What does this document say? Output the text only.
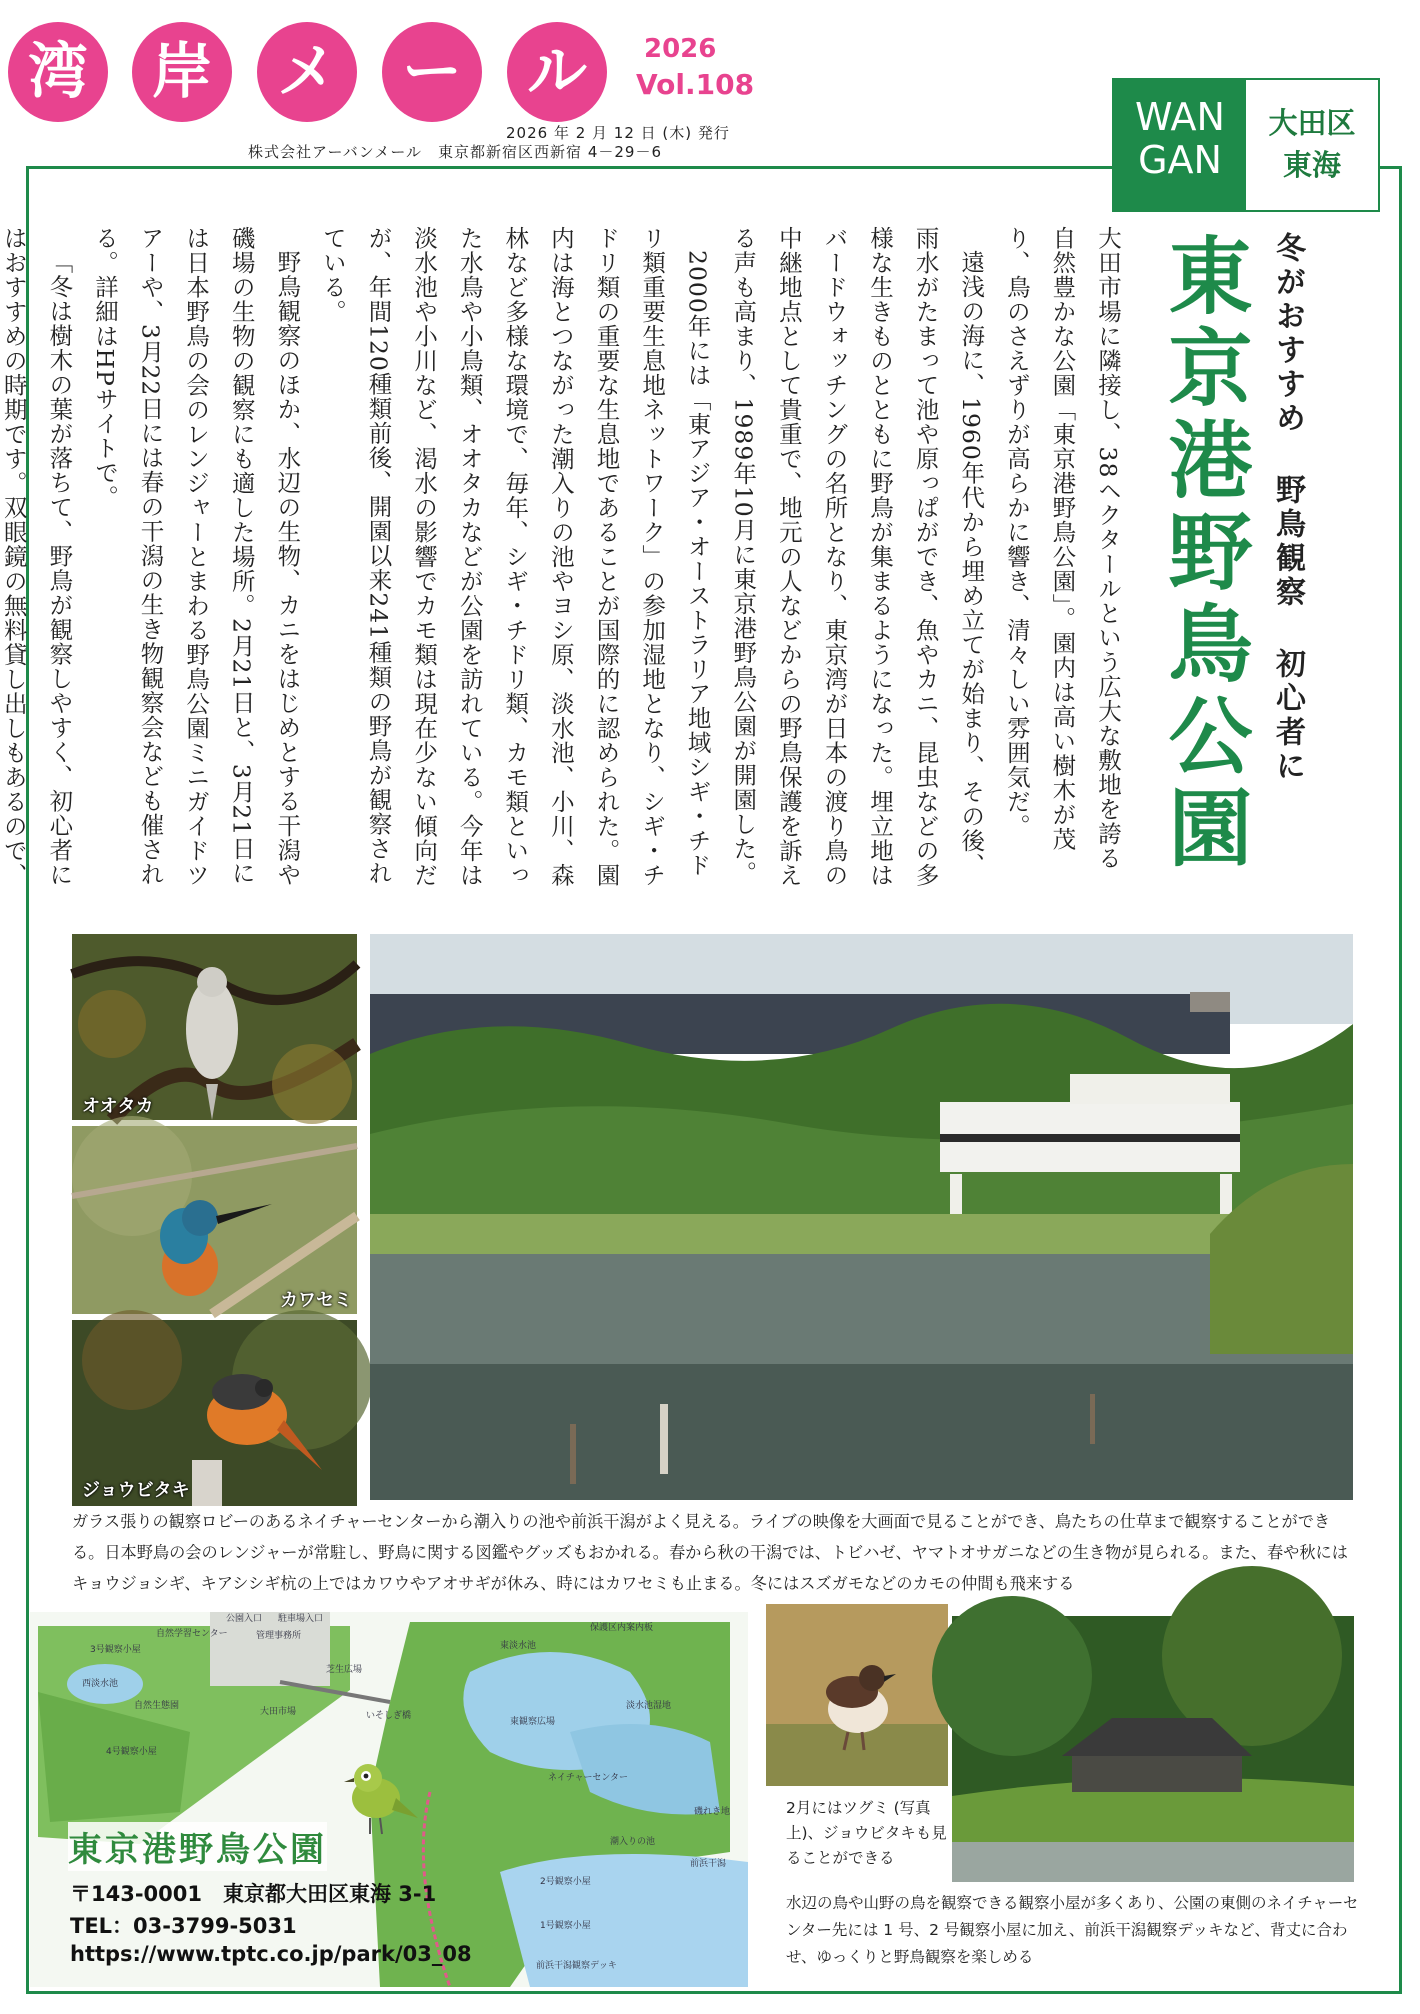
湾	岸	メ	ー	ル	2026
Vol.108
2026 年 2 月 12 日 (木) 発行
株式会社アーバンメール　東京都新宿区西新宿 4－29－6
WAN
GAN
大田区
東海
冬がおすすめ野鳥観察初心者に
東京港野鳥公園

大田市場に隣接し、38ヘクタールという広大な敷地を誇る自然豊かな公園「東京港野鳥公園」。園内は高い樹木が茂り、鳥のさえずりが高らかに響き、清々しい雰囲気だ。

遠浅の海に、1960年代から埋め立てが始まり、その後、雨水がたまって池や原っぱができ、魚やカニ、昆虫などの多様な生きものとともに野鳥が集まるようになった。埋立地はバードウォッチングの名所となり、東京湾が日本の渡り鳥の中継地点として貴重で、地元の人などからの野鳥保護を訴える声も高まり、1989年10月に東京港野鳥公園が開園した。

2000年には「東アジア・オーストラリア地域シギ・チドリ類重要生息地ネットワーク」の参加湿地となり、シギ・チドリ類の重要な生息地であることが国際的に認められた。園内は海とつながった潮入りの池やヨシ原、淡水池、小川、森林など多様な環境で、毎年、シギ・チドリ類、カモ類といった水鳥や小鳥類、オオタカなどが公園を訪れている。今年は淡水池や小川など、渇水の影響でカモ類は現在少ない傾向だが、年間120種類前後、開園以来241種類の野鳥が観察されている。

野鳥観察のほか、水辺の生物、カニをはじめとする干潟や磯場の生物の観察にも適した場所。2月21日と、3月21日には日本野鳥の会のレンジャーとまわる野鳥公園ミニガイドツアーや、3月22日には春の干潟の生き物観察会なども催される。詳細はHPサイトで。

「冬は樹木の葉が落ちて、野鳥が観察しやすく、初心者にはおすすめの時期です。双眼鏡の無料貸し出しもあるので、

オオタカ
カワセミ
ジョウビタキ
ガラス張りの観察ロビーのあるネイチャーセンターから潮入りの池や前浜干潟がよく見える。ライブの映像を大画面で見ることができ、鳥たちの仕草まで観察することができる。日本野鳥の会のレンジャーが常駐し、野鳥に関する図鑑やグッズもおかれる。春から秋の干潟では、トビハゼ、ヤマトオサガニなどの生き物が見られる。また、春や秋にはキョウジョシギ、キアシシギ杭の上ではカワウやアオサギが休み、時にはカワセミも止まる。冬にはスズガモなどのカモの仲間も飛来する
公園入口 駐車場入口
管理事務所
自然学習センター
3号観察小屋
西淡水池
自然生態園
4号観察小屋
芝生広場
大田市場	いそしぎ橋
保護区内案内板
東淡水池
東観察広場
淡水池湿地
ネイチャーセンター
潮入りの池
2号観察小屋
1号観察小屋
前浜干潟観察デッキ
前浜干潟
磯れき地
東京港野鳥公園
〒143-0001　東京都大田区東海 3-1
TEL：03-3799-5031
https://www.tptc.co.jp/park/03_08
2月にはツグミ (写真上)、ジョウビタキも見ることができる
水辺の鳥や山野の鳥を観察できる観察小屋が多くあり、公園の東側のネイチャーセンター先には 1 号、2 号観察小屋に加え、前浜干潟観察デッキなど、背丈に合わせ、ゆっくりと野鳥観察を楽しめる
